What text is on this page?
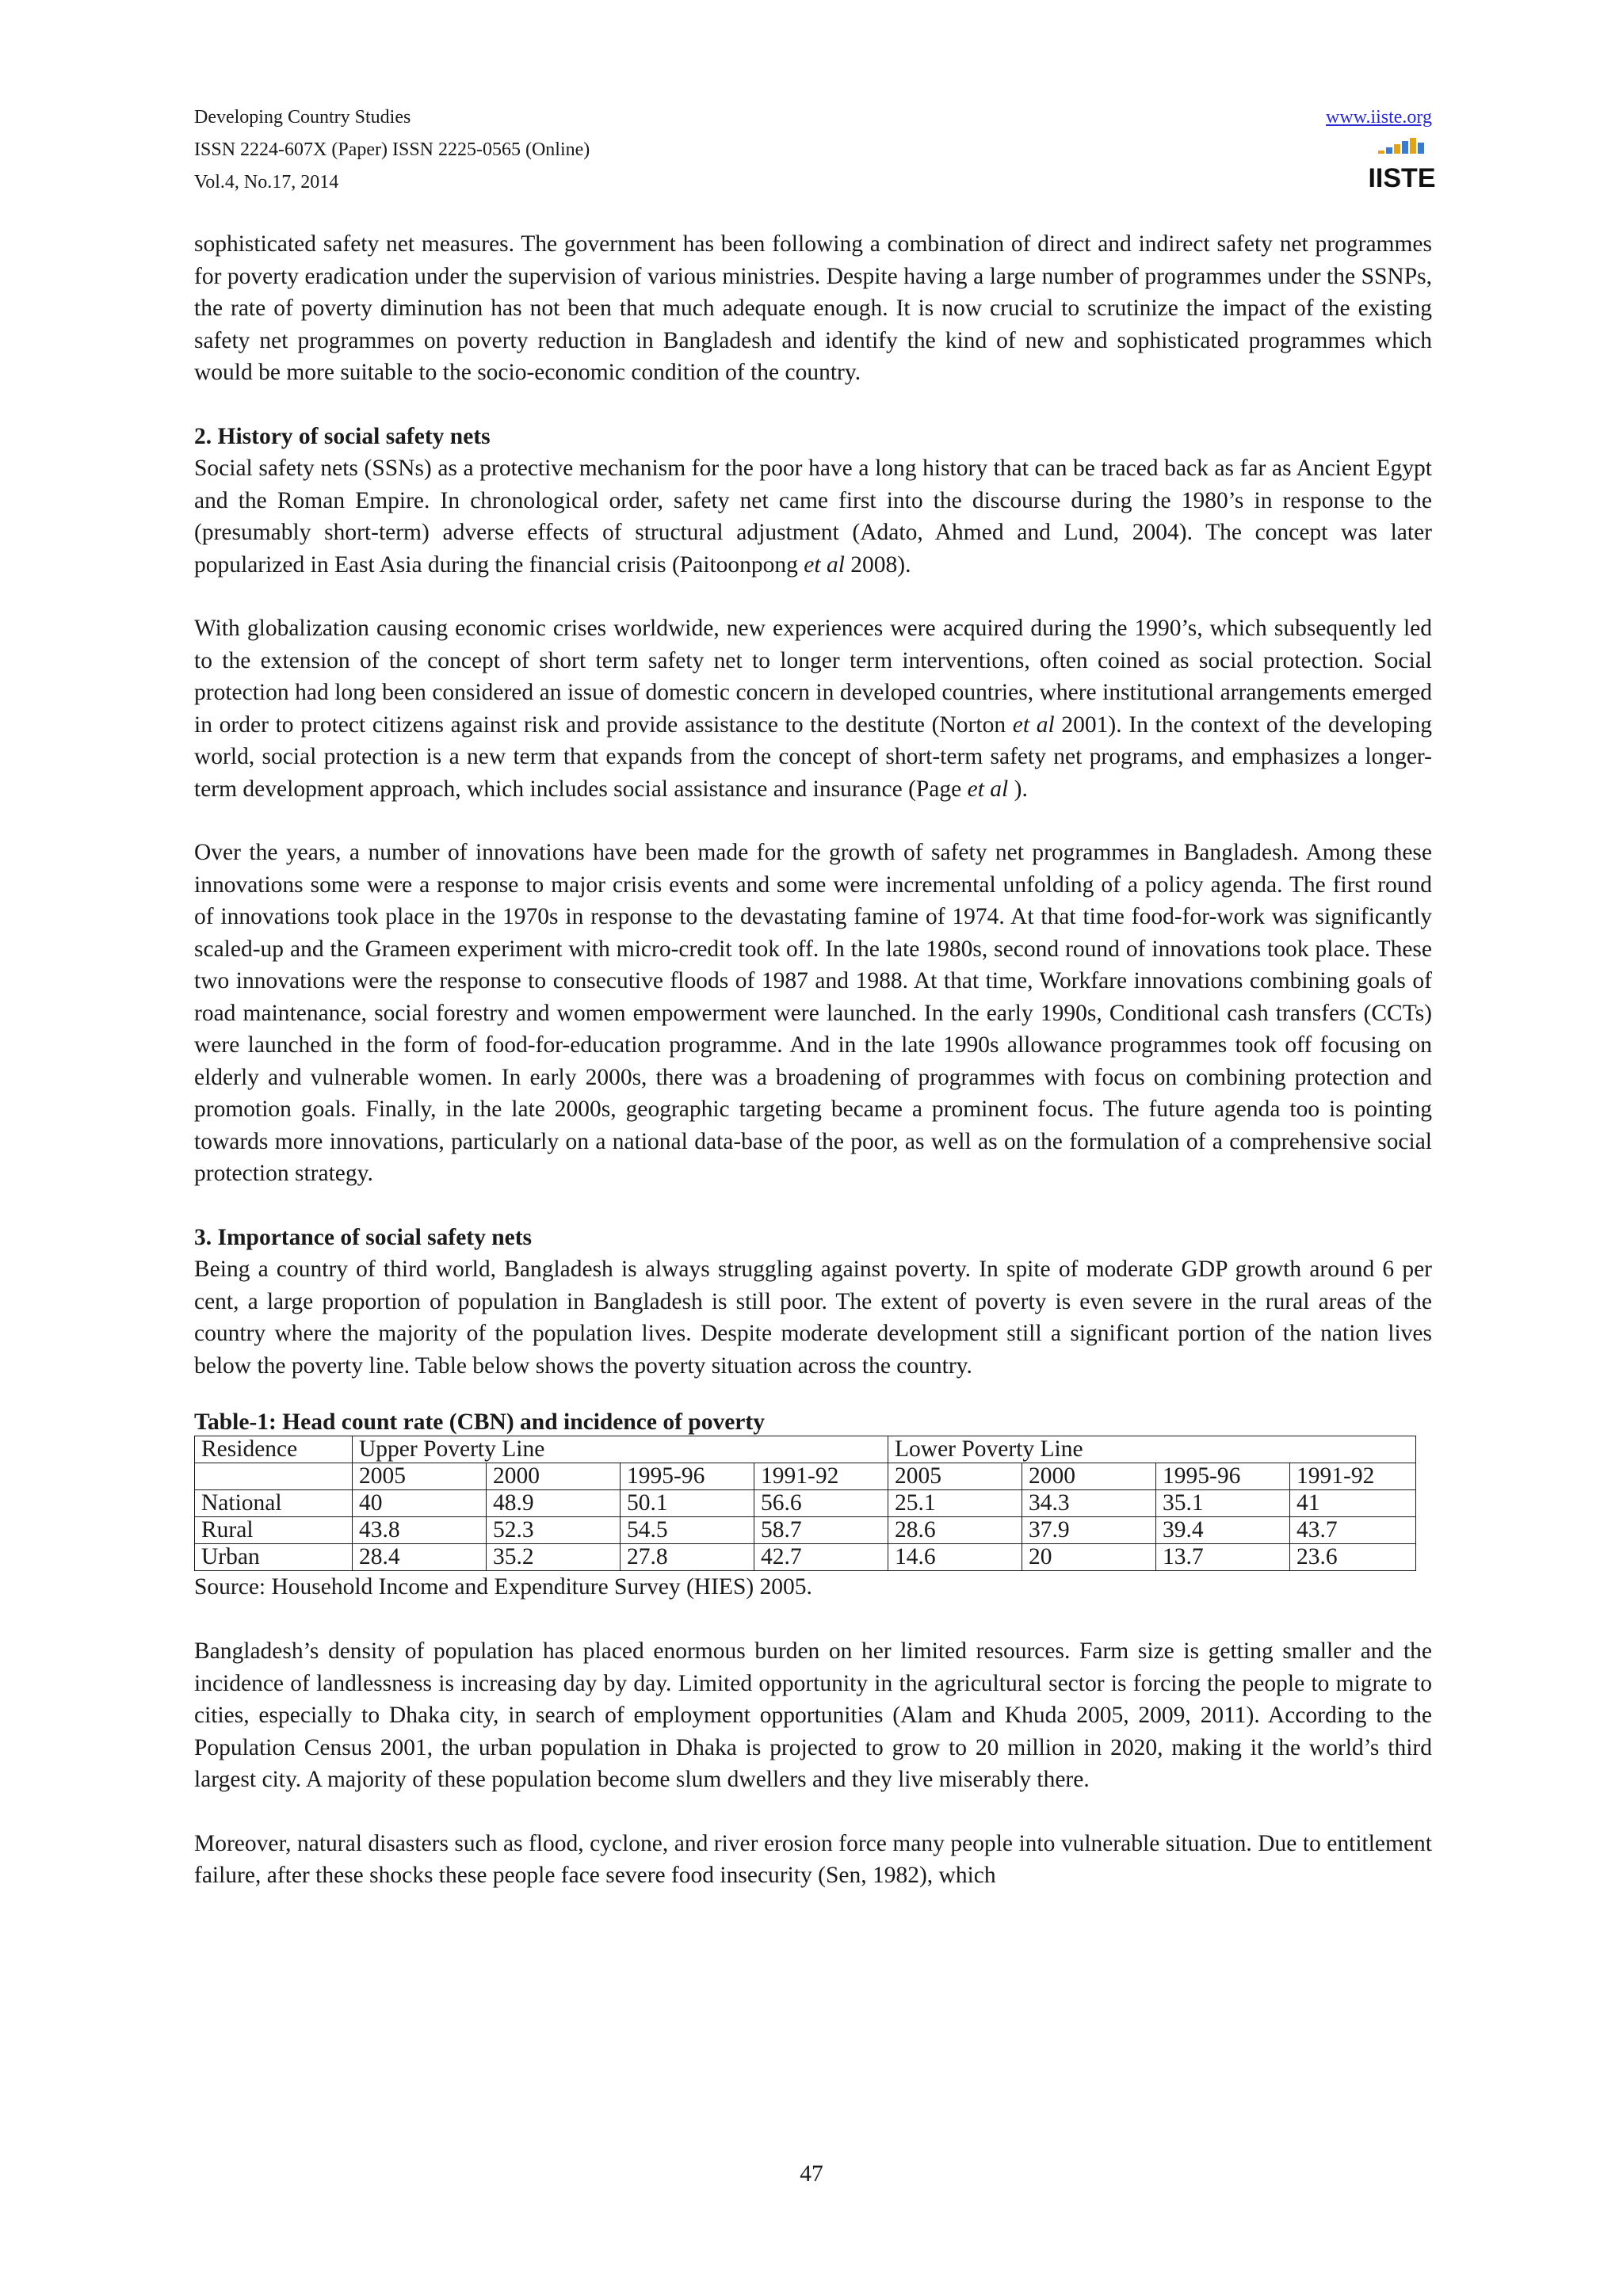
Developing Country Studies
ISSN 2224-607X (Paper) ISSN 2225-0565 (Online)
Vol.4, No.17, 2014
www.iiste.org
IISTE

sophisticated safety net measures. The government has been following a combination of direct and indirect safety net programmes for poverty eradication under the supervision of various ministries. Despite having a large number of programmes under the SSNPs, the rate of poverty diminution has not been that much adequate enough. It is now crucial to scrutinize the impact of the existing safety net programmes on poverty reduction in Bangladesh and identify the kind of new and sophisticated programmes which would be more suitable to the socio-economic condition of the country.

2. History of social safety nets

Social safety nets (SSNs) as a protective mechanism for the poor have a long history that can be traced back as far as Ancient Egypt and the Roman Empire. In chronological order, safety net came first into the discourse during the 1980’s in response to the (presumably short-term) adverse effects of structural adjustment (Adato, Ahmed and Lund, 2004). The concept was later popularized in East Asia during the financial crisis (Paitoonpong et al 2008).

With globalization causing economic crises worldwide, new experiences were acquired during the 1990’s, which subsequently led to the extension of the concept of short term safety net to longer term interventions, often coined as social protection. Social protection had long been considered an issue of domestic concern in developed countries, where institutional arrangements emerged in order to protect citizens against risk and provide assistance to the destitute (Norton et al 2001). In the context of the developing world, social protection is a new term that expands from the concept of short-term safety net programs, and emphasizes a longer-term development approach, which includes social assistance and insurance (Page et al ).

Over the years, a number of innovations have been made for the growth of safety net programmes in Bangladesh. Among these innovations some were a response to major crisis events and some were incremental unfolding of a policy agenda. The first round of innovations took place in the 1970s in response to the devastating famine of 1974. At that time food-for-work was significantly scaled-up and the Grameen experiment with micro-credit took off. In the late 1980s, second round of innovations took place. These two innovations were the response to consecutive floods of 1987 and 1988. At that time, Workfare innovations combining goals of road maintenance, social forestry and women empowerment were launched. In the early 1990s, Conditional cash transfers (CCTs) were launched in the form of food-for-education programme. And in the late 1990s allowance programmes took off focusing on elderly and vulnerable women. In early 2000s, there was a broadening of programmes with focus on combining protection and promotion goals. Finally, in the late 2000s, geographic targeting became a prominent focus. The future agenda too is pointing towards more innovations, particularly on a national data-base of the poor, as well as on the formulation of a comprehensive social protection strategy.

3. Importance of social safety nets

Being a country of third world, Bangladesh is always struggling against poverty. In spite of moderate GDP growth around 6 per cent, a large proportion of population in Bangladesh is still poor. The extent of poverty is even severe in the rural areas of the country where the majority of the population lives. Despite moderate development still a significant portion of the nation lives below the poverty line. Table below shows the poverty situation across the country.

Table-1: Head count rate (CBN) and incidence of poverty
Residence	Upper Poverty Line				Lower Poverty Line			
	2005	2000	1995-96	1991-92	2005	2000	1995-96	1991-92
National	40	48.9	50.1	56.6	25.1	34.3	35.1	41
Rural	43.8	52.3	54.5	58.7	28.6	37.9	39.4	43.7
Urban	28.4	35.2	27.8	42.7	14.6	20	13.7	23.6
Source: Household Income and Expenditure Survey (HIES) 2005.

Bangladesh’s density of population has placed enormous burden on her limited resources. Farm size is getting smaller and the incidence of landlessness is increasing day by day. Limited opportunity in the agricultural sector is forcing the people to migrate to cities, especially to Dhaka city, in search of employment opportunities (Alam and Khuda 2005, 2009, 2011). According to the Population Census 2001, the urban population in Dhaka is projected to grow to 20 million in 2020, making it the world’s third largest city. A majority of these population become slum dwellers and they live miserably there.

Moreover, natural disasters such as flood, cyclone, and river erosion force many people into vulnerable situation. Due to entitlement failure, after these shocks these people face severe food insecurity (Sen, 1982), which

47
